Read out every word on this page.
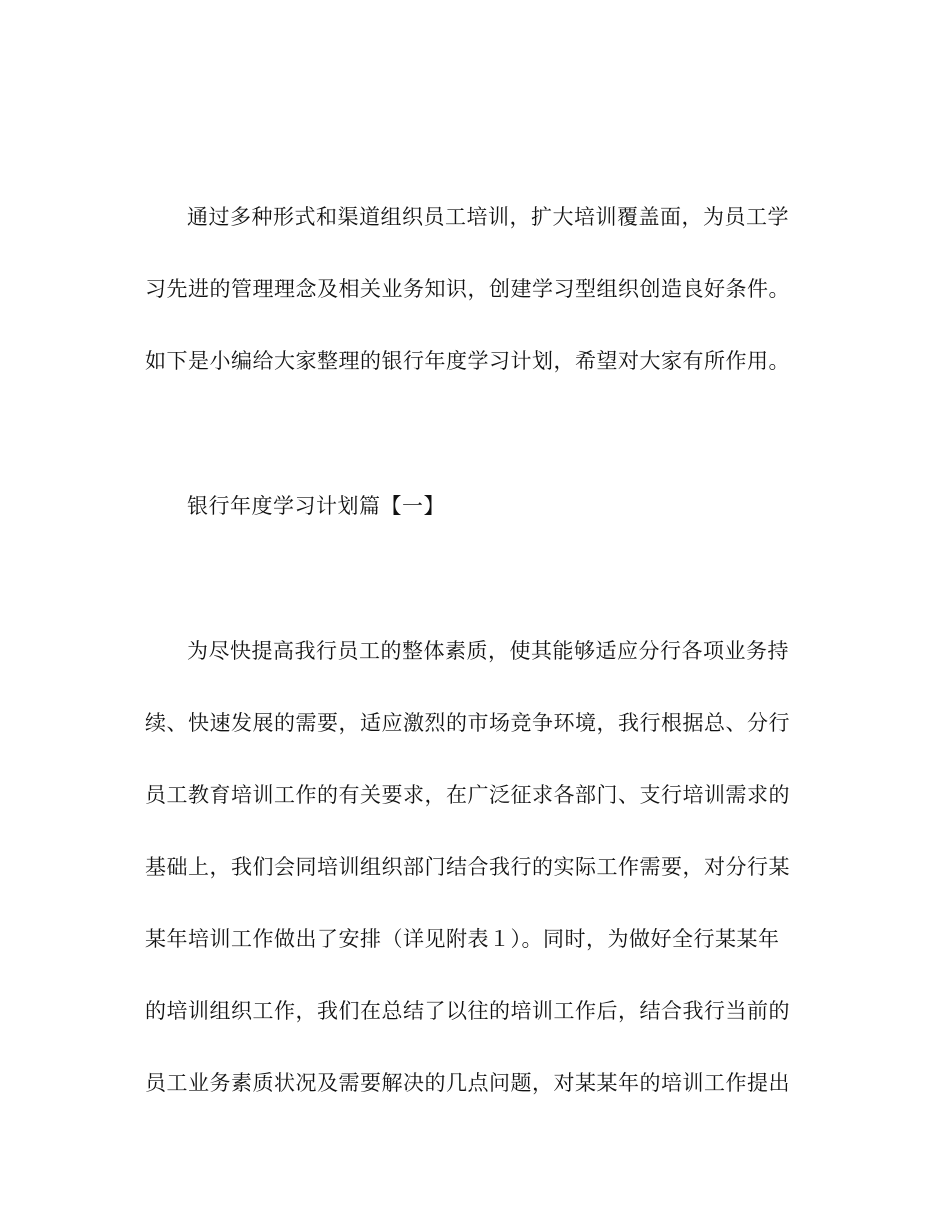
通过多种形式和渠道组织员工培训，扩大培训覆盖面，为员工学
习先进的管理理念及相关业务知识，创建学习型组织创造良好条件。
如下是小编给大家整理的银行年度学习计划，希望对大家有所作用。
银行年度学习计划篇【一】
为尽快提高我行员工的整体素质，使其能够适应分行各项业务持
续、快速发展的需要，适应激烈的市场竞争环境，我行根据总、分行
员工教育培训工作的有关要求，在广泛征求各部门、支行培训需求的
基础上，我们会同培训组织部门结合我行的实际工作需要，对分行某
某年培训工作做出了安排（详见附表１）。同时，为做好全行某某年
的培训组织工作，我们在总结了以往的培训工作后，结合我行当前的
员工业务素质状况及需要解决的几点问题，对某某年的培训工作提出
